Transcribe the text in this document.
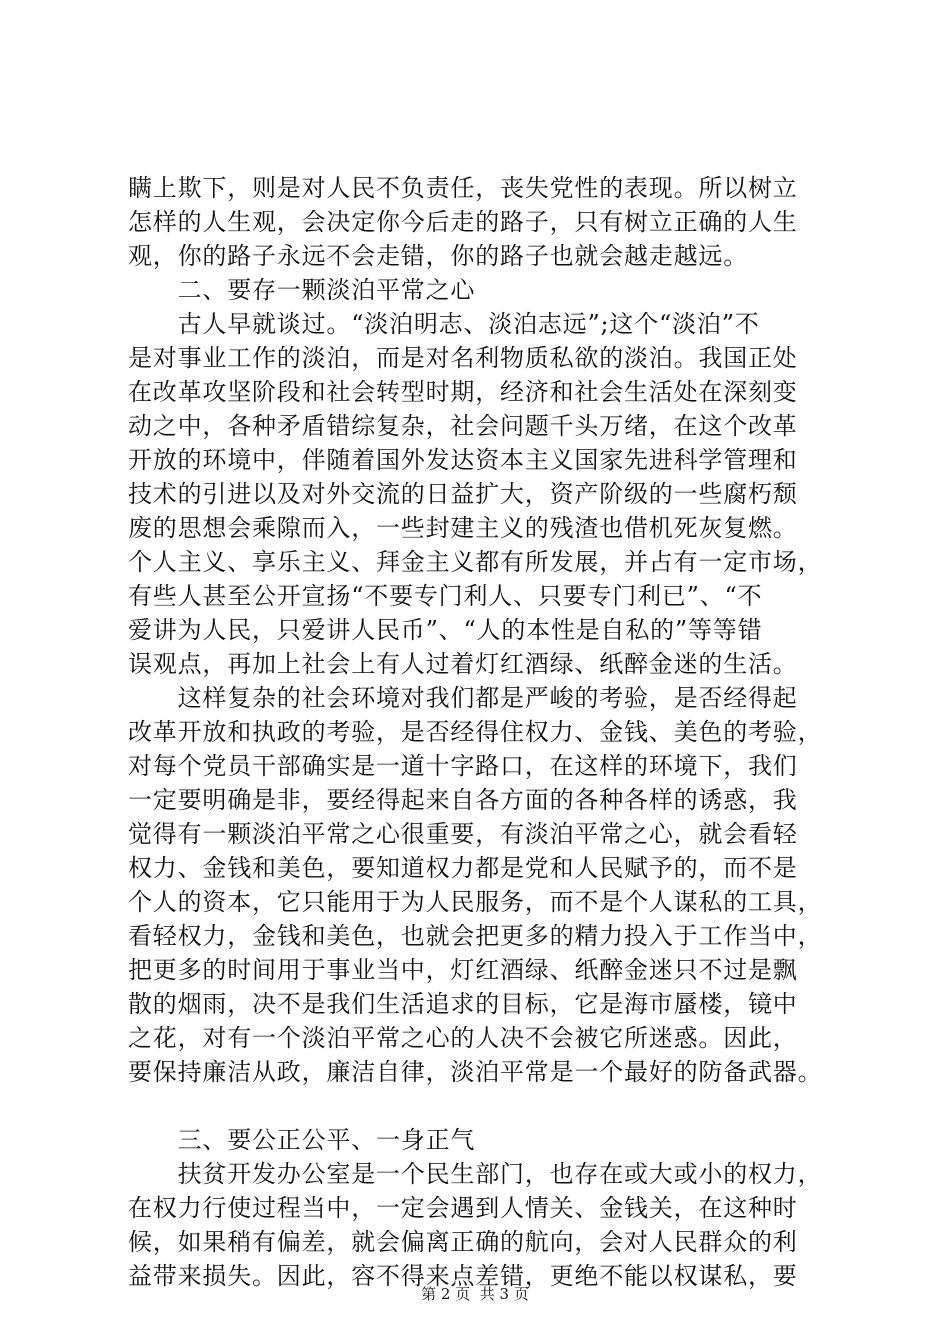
瞒上欺下，则是对人民不负责任，丧失党性的表现。所以树立
怎样的人生观，会决定你今后走的路子，只有树立正确的人生
观，你的路子永远不会走错，你的路子也就会越走越远。
　　二、要存一颗淡泊平常之心
　　古人早就谈过。“淡泊明志、淡泊志远”;这个“淡泊”不
是对事业工作的淡泊，而是对名利物质私欲的淡泊。我国正处
在改革攻坚阶段和社会转型时期，经济和社会生活处在深刻变
动之中，各种矛盾错综复杂，社会问题千头万绪，在这个改革
开放的环境中，伴随着国外发达资本主义国家先进科学管理和
技术的引进以及对外交流的日益扩大，资产阶级的一些腐朽颓
废的思想会乘隙而入，一些封建主义的残渣也借机死灰复燃。
个人主义、享乐主义、拜金主义都有所发展，并占有一定市场，
有些人甚至公开宣扬“不要专门利人、只要专门利已”、“不
爱讲为人民，只爱讲人民币”、“人的本性是自私的”等等错
误观点，再加上社会上有人过着灯红酒绿、纸醉金迷的生活。
　　这样复杂的社会环境对我们都是严峻的考验，是否经得起
改革开放和执政的考验，是否经得住权力、金钱、美色的考验，
对每个党员干部确实是一道十字路口，在这样的环境下，我们
一定要明确是非，要经得起来自各方面的各种各样的诱惑，我
觉得有一颗淡泊平常之心很重要，有淡泊平常之心，就会看轻
权力、金钱和美色，要知道权力都是党和人民赋予的，而不是
个人的资本，它只能用于为人民服务，而不是个人谋私的工具，
看轻权力，金钱和美色，也就会把更多的精力投入于工作当中，
把更多的时间用于事业当中，灯红酒绿、纸醉金迷只不过是飘
散的烟雨，决不是我们生活追求的目标，它是海市蜃楼，镜中
之花，对有一个淡泊平常之心的人决不会被它所迷惑。因此，
要保持廉洁从政，廉洁自律，淡泊平常是一个最好的防备武器。
　　三、要公正公平、一身正气
　　扶贫开发办公室是一个民生部门，也存在或大或小的权力，
在权力行使过程当中，一定会遇到人情关、金钱关，在这种时
候，如果稍有偏差，就会偏离正确的航向，会对人民群众的利
益带来损失。因此，容不得来点差错，更绝不能以权谋私，要
第 2 页  共 3 页
